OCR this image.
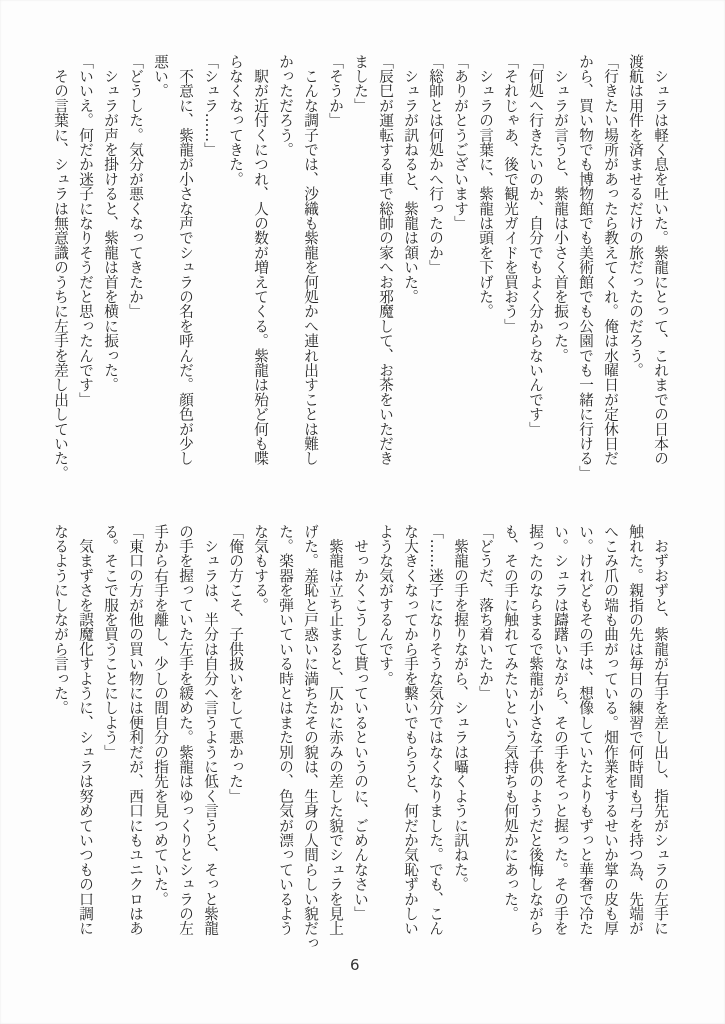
　シュラは軽く息を吐いた。紫龍にとって、これまでの日本の

渡航は用件を済ませるだけの旅だったのだろう。

「行きたい場所があったら教えてくれ。俺は水曜日が定休日だ

から、買い物でも博物館でも美術館でも公園でも一緒に行ける」

　シュラが言うと、紫龍は小さく首を振った。

「何処へ行きたいのか、自分でもよく分からないんです」

「それじゃあ、後で観光ガイドを買おう」

　シュラの言葉に、紫龍は頭を下げた。

「ありがとうございます」

「総帥とは何処かへ行ったのか」

　シュラが訊ねると、紫龍は頷いた。

「辰巳が運転する車で総帥の家へお邪魔して、お茶をいただき

ました」

「そうか」

　こんな調子では、沙織も紫龍を何処かへ連れ出すことは難し

かっただろう。

　駅が近付くにつれ、人の数が増えてくる。紫龍は殆ど何も喋

らなくなってきた。

「シュラ……」

　不意に、紫龍が小さな声でシュラの名を呼んだ。顔色が少し

悪い。

「どうした。気分が悪くなってきたか」

　シュラが声を掛けると、紫龍は首を横に振った。

「いいえ。何だか迷子になりそうだと思ったんです」

　その言葉に、シュラは無意識のうちに左手を差し出していた。

　おずおずと、紫龍が右手を差し出し、指先がシュラの左手に

触れた。親指の先は毎日の練習で何時間も弓を持つ為、先端が

へこみ爪の端も曲がっている。畑作業をするせいか掌の皮も厚

い。けれどもその手は、想像していたよりもずっと華奢で冷た

い。シュラは躊躇いながら、その手をそっと握った。その手を

握ったのならまるで紫龍が小さな子供のようだと後悔しながら

も、その手に触れてみたいという気持ちも何処かにあった。

「どうだ、落ち着いたか」

　紫龍の手を握りながら、シュラは囁くように訊ねた。

「……迷子になりそうな気分ではなくなりました。でも、こん

な大きくなってから手を繋いでもらうと、何だか気恥ずかしい

ような気がするんです。

　せっかくこうして貰っているというのに、ごめんなさい」

　紫龍は立ち止まると、仄かに赤みの差した貌でシュラを見上

げた。羞恥と戸惑いに満ちたその貌は、生身の人間らしい貌だっ

た。楽器を弾いている時とはまた別の、色気が漂っているよう

な気もする。

「俺の方こそ、子供扱いをして悪かった」

　シュラは、半分は自分へ言うように低く言うと、そっと紫龍

の手を握っていた左手を緩めた。紫龍はゆっくりとシュラの左

手から右手を離し、少しの間自分の指先を見つめていた。

「東口の方が他の買い物には便利だが、西口にもユニクロはあ

る。そこで服を買うことにしよう」

　気まずさを誤魔化すように、シュラは努めていつもの口調に

なるようにしながら言った。

6
